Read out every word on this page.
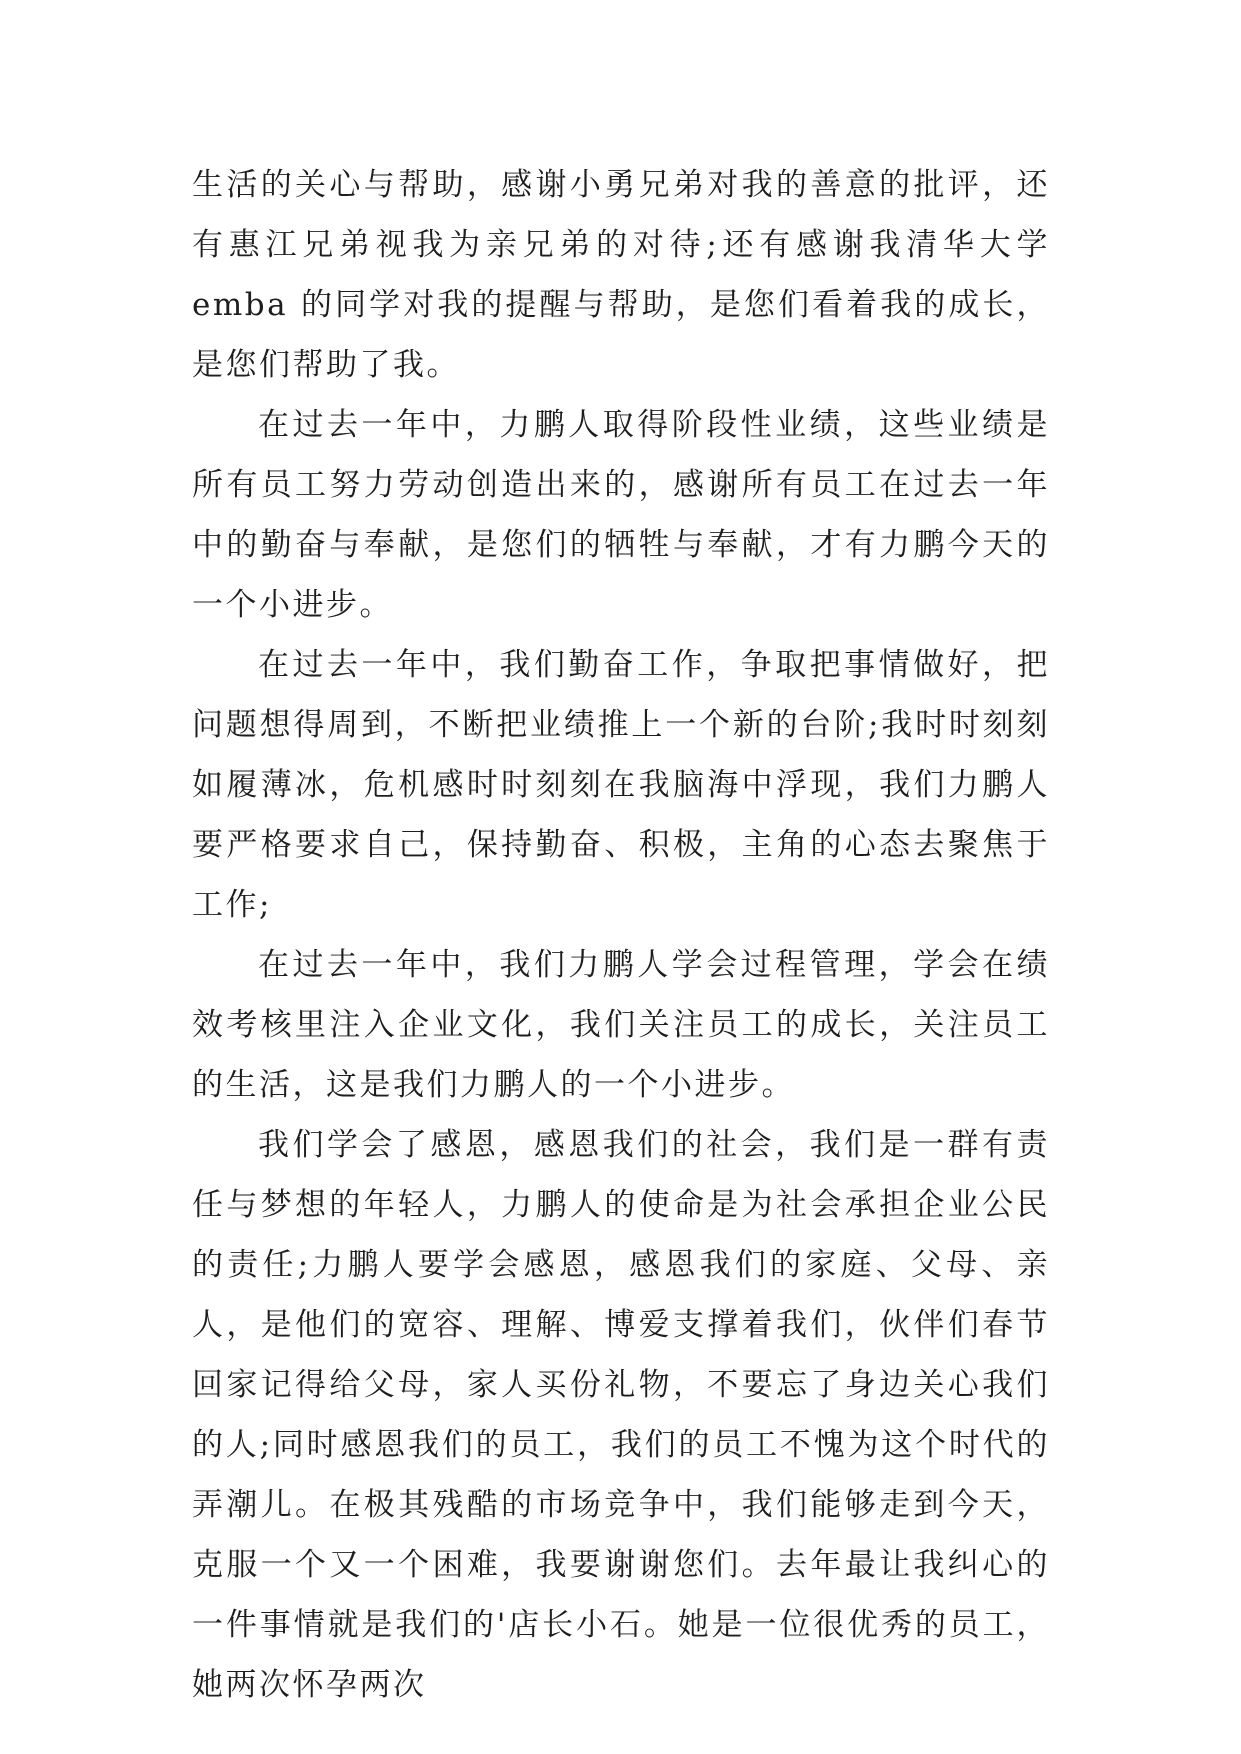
生活的关心与帮助，感谢小勇兄弟对我的善意的批评，还有惠江兄弟视我为亲兄弟的对待;还有感谢我清华大学 emba 的同学对我的提醒与帮助，是您们看着我的成长，是您们帮助了我。

在过去一年中，力鹏人取得阶段性业绩，这些业绩是所有员工努力劳动创造出来的，感谢所有员工在过去一年中的勤奋与奉献，是您们的牺牲与奉献，才有力鹏今天的一个小进步。

在过去一年中，我们勤奋工作，争取把事情做好，把问题想得周到，不断把业绩推上一个新的台阶;我时时刻刻如履薄冰，危机感时时刻刻在我脑海中浮现，我们力鹏人要严格要求自己，保持勤奋、积极，主角的心态去聚焦于工作;

在过去一年中，我们力鹏人学会过程管理，学会在绩效考核里注入企业文化，我们关注员工的成长，关注员工的生活，这是我们力鹏人的一个小进步。

我们学会了感恩，感恩我们的社会，我们是一群有责任与梦想的年轻人，力鹏人的使命是为社会承担企业公民的责任;力鹏人要学会感恩，感恩我们的家庭、父母、亲人，是他们的宽容、理解、博爱支撑着我们，伙伴们春节回家记得给父母，家人买份礼物，不要忘了身边关心我们的人;同时感恩我们的员工，我们的员工不愧为这个时代的弄潮儿。在极其残酷的市场竞争中，我们能够走到今天，克服一个又一个困难，我要谢谢您们。去年最让我纠心的一件事情就是我们的'店长小石。她是一位很优秀的员工，她两次怀孕两次
